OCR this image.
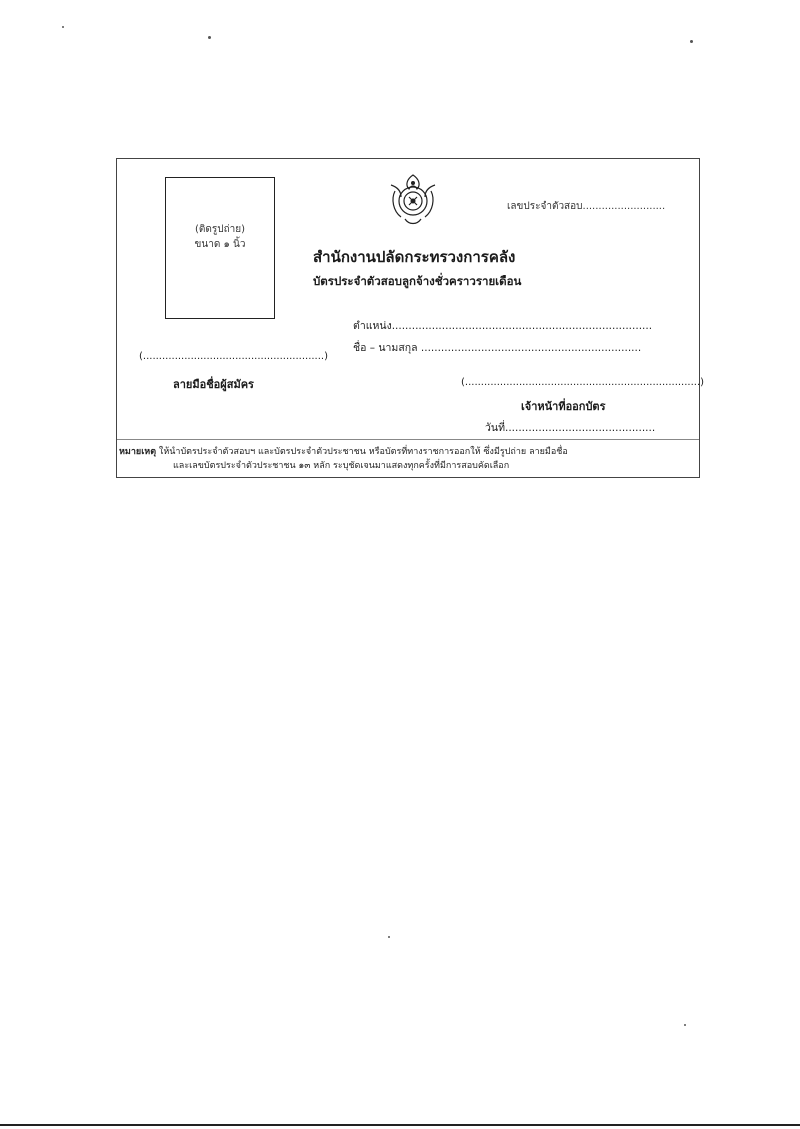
(ติดรูปถ่าย)
ขนาด ๑ นิ้ว
เลขประจำตัวสอบ..........................
สำนักงานปลัดกระทรวงการคลัง
บัตรประจำตัวสอบลูกจ้างชั่วคราวรายเดือน
ตำแหน่ง..............................................................................
ชื่อ – นามสกุล ..................................................................
(.........................................................)
ลายมือชื่อผู้สมัคร	(..........................................................................)
เจ้าหน้าที่ออกบัตร
วันที่.............................................
หมายเหตุ ให้นำบัตรประจำตัวสอบฯ และบัตรประจำตัวประชาชน หรือบัตรที่ทางราชการออกให้ ซึ่งมีรูปถ่าย ลายมือชื่อ
และเลขบัตรประจำตัวประชาชน ๑๓ หลัก ระบุชัดเจนมาแสดงทุกครั้งที่มีการสอบคัดเลือก
